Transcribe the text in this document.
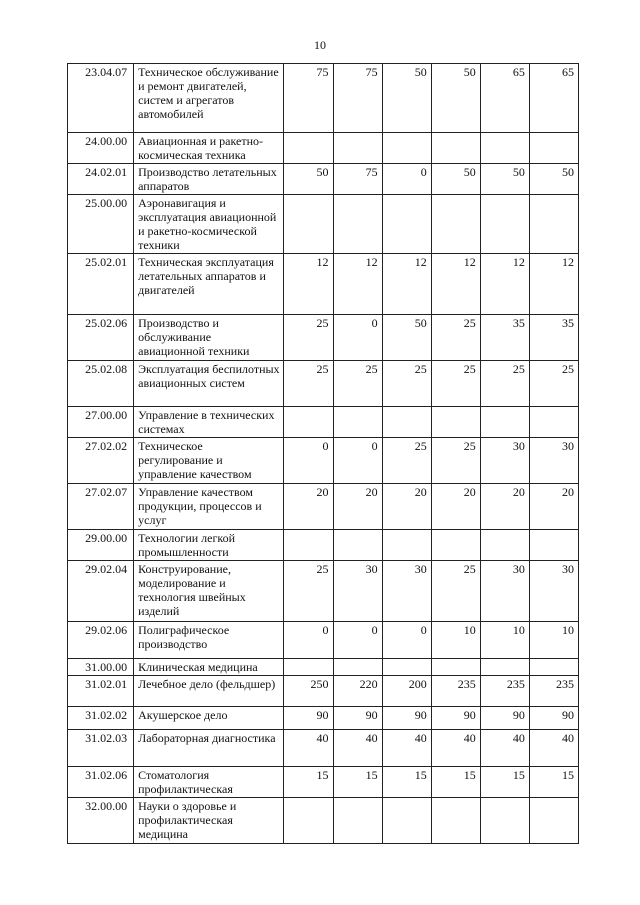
10
23.04.07	Техническое обслуживание и ремонт двигателей, систем и агрегатов автомобилей	75	75	50	50	65	65
24.00.00	Авиационная и ракетно-космическая техника						
24.02.01	Производство летательных аппаратов	50	75	0	50	50	50
25.00.00	Аэронавигация и эксплуатация авиационной и ракетно-космической техники						
25.02.01	Техническая эксплуатация летательных аппаратов и двигателей	12	12	12	12	12	12
25.02.06	Производство и обслуживание авиационной техники	25	0	50	25	35	35
25.02.08	Эксплуатация беспилотных авиационных систем	25	25	25	25	25	25
27.00.00	Управление в технических системах						
27.02.02	Техническое регулирование и управление качеством	0	0	25	25	30	30
27.02.07	Управление качеством продукции, процессов и услуг	20	20	20	20	20	20
29.00.00	Технологии легкой промышленности						
29.02.04	Конструирование, моделирование и технология швейных изделий	25	30	30	25	30	30
29.02.06	Полиграфическое производство	0	0	0	10	10	10
31.00.00	Клиническая медицина						
31.02.01	Лечебное дело (фельдшер)	250	220	200	235	235	235
31.02.02	Акушерское дело	90	90	90	90	90	90
31.02.03	Лабораторная диагностика	40	40	40	40	40	40
31.02.06	Стоматология профилактическая	15	15	15	15	15	15
32.00.00	Науки о здоровье и профилактическая медицина						
